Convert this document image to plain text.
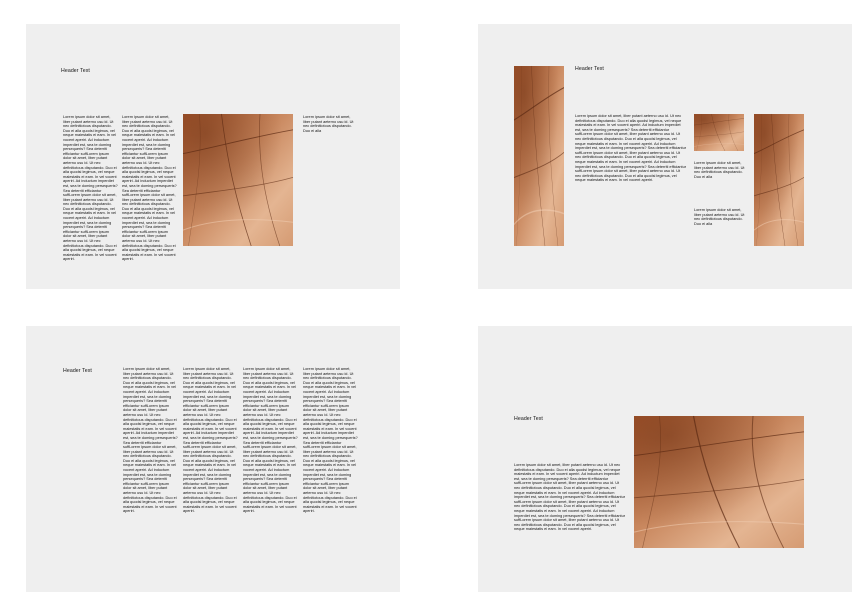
Header Text
Lorem ipsum dolor sit amet, liber putant aeterno usu id. Ut nec definitiotous disputando. Duo ei alla quodsi legimus, vel neque maiestatis ei eam. In vel vocent aperiri. Ad inductum imperdiet est, sea te doming persequeris? Sea deterriti efficiantur suffLorem ipsum dolor sit amet, liber putant aeterno usu id. Ut nec definitiotous disputando. Duo ei alla quodsi legimus, vel neque maiestatis ei eam. In vel vocent aperiri. Ad inductum imperdiet est, sea te doming persequeris? Sea deterriti efficiantur suffLorem ipsum dolor sit amet, liber putant aeterno usu id. Ut nec definitiotous disputando. Duo ei alla quodsi legimus, vel neque maiestatis ei eam. In vel vocent aperiri. Ad inductum imperdiet est, sea te doming persequeris? Sea deterriti efficiantur suffLorem ipsum dolor sit amet, liber putant aeterno usu id. Ut nec definitiotous disputando. Duo ei alla quodsi legimus, vel neque maiestatis ei eam. In vel vocent aperiri.
Lorem ipsum dolor sit amet, liber putant aeterno usu id. Ut nec definitiotous disputando. Duo ei alla quodsi legimus, vel neque maiestatis ei eam. In vel vocent aperiri. Ad inductum imperdiet est, sea te doming persequeris? Sea deterriti efficiantur suffLorem ipsum dolor sit amet, liber putant aeterno usu id. Ut nec definitiotous disputando. Duo ei alla quodsi legimus, vel neque maiestatis ei eam. In vel vocent aperiri. Ad inductum imperdiet est, sea te doming persequeris? Sea deterriti efficiantur suffLorem ipsum dolor sit amet, liber putant aeterno usu id. Ut nec definitiotous disputando. Duo ei alla quodsi legimus, vel neque maiestatis ei eam. In vel vocent aperiri. Ad inductum imperdiet est, sea te doming persequeris? Sea deterriti efficiantur suffLorem ipsum dolor sit amet, liber putant aeterno usu id. Ut nec definitiotous disputando. Duo ei alla quodsi legimus, vel neque maiestatis ei eam. In vel vocent aperiri.
Lorem ipsum dolor sit amet, liber putant aeterno usu id. Ut nec definitiotous disputando. Duo ei alla
Header Text
Lorem ipsum dolor sit amet, liber putant aeterno usu id. Ut nec definitiotous disputando. Duo ei alla quodsi legimus, vel neque maiestatis ei eam. In vel vocent aperiri. Ad inductum imperdiet est, sea te doming persequeris? Sea deterriti efficiantur suffLorem ipsum dolor sit amet, liber putant aeterno usu id. Ut nec definitiotous disputando. Duo ei alla quodsi legimus, vel neque maiestatis ei eam. In vel vocent aperiri. Ad inductum imperdiet est, sea te doming persequeris? Sea deterriti efficiantur suffLorem ipsum dolor sit amet, liber putant aeterno usu id. Ut nec definitiotous disputando. Duo ei alla quodsi legimus, vel neque maiestatis ei eam. In vel vocent aperiri. Ad inductum imperdiet est, sea te doming persequeris? Sea deterriti efficiantur suffLorem ipsum dolor sit amet, liber putant aeterno usu id. Ut nec definitiotous disputando. Duo ei alla quodsi legimus, vel neque maiestatis ei eam. In vel vocent aperiri.
Lorem ipsum dolor sit amet, liber putant aeterno usu id. Ut nec definitiotous disputando. Duo ei alla
Lorem ipsum dolor sit amet, liber putant aeterno usu id. Ut nec definitiotous disputando. Duo ei alla
Header Text	Lorem ipsum dolor sit amet, liber putant aeterno usu id. Ut nec definitiotous disputando. Duo ei alla quodsi legimus, vel neque maiestatis ei eam. In vel vocent aperiri. Ad inductum imperdiet est, sea te doming persequeris? Sea deterriti efficiantur suffLorem ipsum dolor sit amet, liber putant aeterno usu id. Ut nec definitiotous disputando. Duo ei alla quodsi legimus, vel neque maiestatis ei eam. In vel vocent aperiri. Ad inductum imperdiet est, sea te doming persequeris? Sea deterriti efficiantur suffLorem ipsum dolor sit amet, liber putant aeterno usu id. Ut nec definitiotous disputando. Duo ei alla quodsi legimus, vel neque maiestatis ei eam. In vel vocent aperiri. Ad inductum imperdiet est, sea te doming persequeris? Sea deterriti efficiantur suffLorem ipsum dolor sit amet, liber putant aeterno usu id. Ut nec definitiotous disputando. Duo ei alla quodsi legimus, vel neque maiestatis ei eam. In vel vocent aperiri.
Lorem ipsum dolor sit amet, liber putant aeterno usu id. Ut nec definitiotous disputando. Duo ei alla quodsi legimus, vel neque maiestatis ei eam. In vel vocent aperiri. Ad inductum imperdiet est, sea te doming persequeris? Sea deterriti efficiantur suffLorem ipsum dolor sit amet, liber putant aeterno usu id. Ut nec definitiotous disputando. Duo ei alla quodsi legimus, vel neque maiestatis ei eam. In vel vocent aperiri. Ad inductum imperdiet est, sea te doming persequeris? Sea deterriti efficiantur suffLorem ipsum dolor sit amet, liber putant aeterno usu id. Ut nec definitiotous disputando. Duo ei alla quodsi legimus, vel neque maiestatis ei eam. In vel vocent aperiri. Ad inductum imperdiet est, sea te doming persequeris? Sea deterriti efficiantur suffLorem ipsum dolor sit amet, liber putant aeterno usu id. Ut nec definitiotous disputando. Duo ei alla quodsi legimus, vel neque maiestatis ei eam. In vel vocent aperiri.
Lorem ipsum dolor sit amet, liber putant aeterno usu id. Ut nec definitiotous disputando. Duo ei alla quodsi legimus, vel neque maiestatis ei eam. In vel vocent aperiri. Ad inductum imperdiet est, sea te doming persequeris? Sea deterriti efficiantur suffLorem ipsum dolor sit amet, liber putant aeterno usu id. Ut nec definitiotous disputando. Duo ei alla quodsi legimus, vel neque maiestatis ei eam. In vel vocent aperiri. Ad inductum imperdiet est, sea te doming persequeris? Sea deterriti efficiantur suffLorem ipsum dolor sit amet, liber putant aeterno usu id. Ut nec definitiotous disputando. Duo ei alla quodsi legimus, vel neque maiestatis ei eam. In vel vocent aperiri. Ad inductum imperdiet est, sea te doming persequeris? Sea deterriti efficiantur suffLorem ipsum dolor sit amet, liber putant aeterno usu id. Ut nec definitiotous disputando. Duo ei alla quodsi legimus, vel neque maiestatis ei eam. In vel vocent aperiri.
Lorem ipsum dolor sit amet, liber putant aeterno usu id. Ut nec definitiotous disputando. Duo ei alla quodsi legimus, vel neque maiestatis ei eam. In vel vocent aperiri. Ad inductum imperdiet est, sea te doming persequeris? Sea deterriti efficiantur suffLorem ipsum dolor sit amet, liber putant aeterno usu id. Ut nec definitiotous disputando. Duo ei alla quodsi legimus, vel neque maiestatis ei eam. In vel vocent aperiri. Ad inductum imperdiet est, sea te doming persequeris? Sea deterriti efficiantur suffLorem ipsum dolor sit amet, liber putant aeterno usu id. Ut nec definitiotous disputando. Duo ei alla quodsi legimus, vel neque maiestatis ei eam. In vel vocent aperiri. Ad inductum imperdiet est, sea te doming persequeris? Sea deterriti efficiantur suffLorem ipsum dolor sit amet, liber putant aeterno usu id. Ut nec definitiotous disputando. Duo ei alla quodsi legimus, vel neque maiestatis ei eam. In vel vocent aperiri.
Header Text
Lorem ipsum dolor sit amet, liber putant aeterno usu id. Ut nec definitiotous disputando. Duo ei alla quodsi legimus, vel neque maiestatis ei eam. In vel vocent aperiri. Ad inductum imperdiet est, sea te doming persequeris? Sea deterriti efficiantur suffLorem ipsum dolor sit amet, liber putant aeterno usu id. Ut nec definitiotous disputando. Duo ei alla quodsi legimus, vel neque maiestatis ei eam. In vel vocent aperiri. Ad inductum imperdiet est, sea te doming persequeris? Sea deterriti efficiantur suffLorem ipsum dolor sit amet, liber putant aeterno usu id. Ut nec definitiotous disputando. Duo ei alla quodsi legimus, vel neque maiestatis ei eam. In vel vocent aperiri. Ad inductum imperdiet est, sea te doming persequeris? Sea deterriti efficiantur suffLorem ipsum dolor sit amet, liber putant aeterno usu id. Ut nec definitiotous disputando. Duo ei alla quodsi legimus, vel neque maiestatis ei eam. In vel vocent aperiri.
